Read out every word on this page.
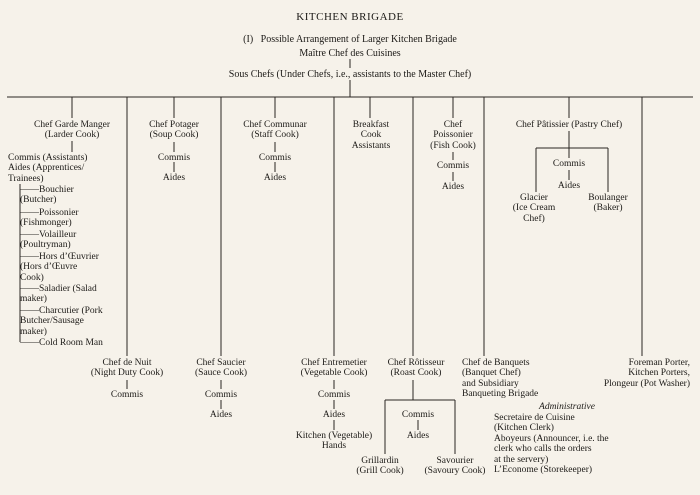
KITCHEN BRIGADE
(I)   Possible Arrangement of Larger Kitchen Brigade
Maître Chef des Cuisines
Sous Chefs (Under Chefs, i.e., assistants to the Master Chef)
Chef Garde Manger
(Larder Cook)
Commis (Assistants)
Aides (Apprentices/
Trainees)
——Bouchier
(Butcher)
——Poissonier
(Fishmonger)
——Volailleur
(Poultryman)
——Hors d’Œuvrier
(Hors d’Œuvre
Cook)
——Saladier (Salad
maker)
——Charcutier (Pork
Butcher/Sausage
maker)
——Cold Room Man
Chef Potager
(Soup Cook)
Commis
Aides
Chef Communar
(Staff Cook)
Commis
Aides
Breakfast
Cook
Assistants
Chef
Poissonier
(Fish Cook)
Commis
Aides
Chef Pâtissier (Pastry Chef)
Commis
Aides
Glacier
(Ice Cream
Chef)
Boulanger
(Baker)
Chef de Nuit
(Night Duty Cook)
Commis
Chef Saucier
(Sauce Cook)
Commis
Aides
Chef Entremetier
(Vegetable Cook)
Commis
Aides
Kitchen (Vegetable)
Hands
Chef Rôtisseur
(Roast Cook)
Commis
Aides
Grillardin
(Grill Cook)
Savourier
(Savoury Cook)
Chef de Banquets
(Banquet Chef)
and Subsidiary
Banqueting Brigade
Foreman Porter,
Kitchen Porters,
Plongeur (Pot Washer)
Administrative
Secretaire de Cuisine
(Kitchen Clerk)
Aboyeurs (Announcer, i.e. the
clerk who calls the orders
at the servery)
L’Econome (Storekeeper)
